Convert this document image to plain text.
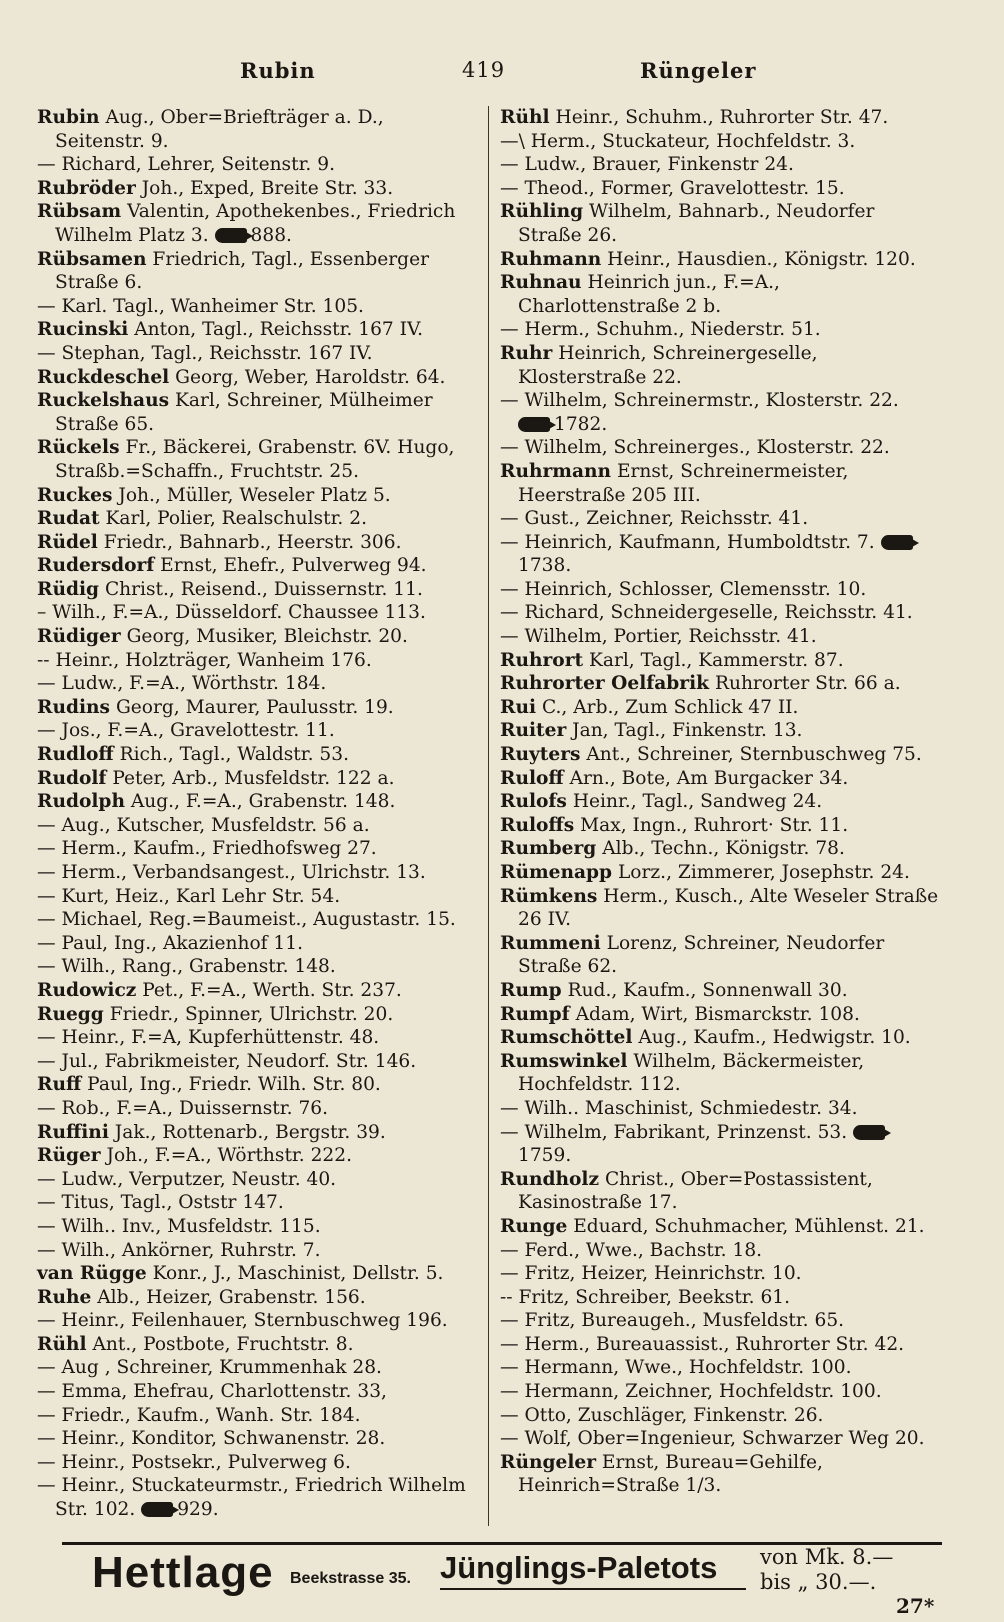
Rubin	419	Rüngeler

Rubin Aug., Ober=Briefträger a. D., Seitenstr. 9.

— Richard, Lehrer, Seitenstr. 9.

Rubröder Joh., Exped, Breite Str. 33.

Rübsam Valentin, Apothekenbes., Friedrich Wilhelm Platz 3. 888.

Rübsamen Friedrich, Tagl., Essenberger Straße 6.

— Karl. Tagl., Wanheimer Str. 105.

Rucinski Anton, Tagl., Reichsstr. 167 IV.

— Stephan, Tagl., Reichsstr. 167 IV.

Ruckdeschel Georg, Weber, Haroldstr. 64.

Ruckelshaus Karl, Schreiner, Mülheimer Straße 65.

Rückels Fr., Bäckerei, Grabenstr. 6V. Hugo, Straßb.=Schaffn., Fruchtstr. 25.

Ruckes Joh., Müller, Weseler Platz 5.

Rudat Karl, Polier, Realschulstr. 2.

Rüdel Friedr., Bahnarb., Heerstr. 306.

Rudersdorf Ernst, Ehefr., Pulverweg 94.

Rüdig Christ., Reisend., Duissernstr. 11.

– Wilh., F.=A., Düsseldorf. Chaussee 113.

Rüdiger Georg, Musiker, Bleichstr. 20.

-- Heinr., Holzträger, Wanheim 176.

— Ludw., F.=A., Wörthstr. 184.

Rudins Georg, Maurer, Paulusstr. 19.

— Jos., F.=A., Gravelottestr. 11.

Rudloff Rich., Tagl., Waldstr. 53.

Rudolf Peter, Arb., Musfeldstr. 122 a.

Rudolph Aug., F.=A., Grabenstr. 148.

— Aug., Kutscher, Musfeldstr. 56 a.

— Herm., Kaufm., Friedhofsweg 27.

— Herm., Verbandsangest., Ulrichstr. 13.

— Kurt, Heiz., Karl Lehr Str. 54.

— Michael, Reg.=Baumeist., Augustastr. 15.

— Paul, Ing., Akazienhof 11.

— Wilh., Rang., Grabenstr. 148.

Rudowicz Pet., F.=A., Werth. Str. 237.

Ruegg Friedr., Spinner, Ulrichstr. 20.

— Heinr., F.=A, Kupferhüttenstr. 48.

— Jul., Fabrikmeister, Neudorf. Str. 146.

Ruff Paul, Ing., Friedr. Wilh. Str. 80.

— Rob., F.=A., Duissernstr. 76.

Ruffini Jak., Rottenarb., Bergstr. 39.

Rüger Joh., F.=A., Wörthstr. 222.

— Ludw., Verputzer, Neustr. 40.

— Titus, Tagl., Oststr 147.

— Wilh.. Inv., Musfeldstr. 115.

— Wilh., Ankörner, Ruhrstr. 7.

van Rügge Konr., J., Maschinist, Dellstr. 5.

Ruhe Alb., Heizer, Grabenstr. 156.

— Heinr., Feilenhauer, Sternbuschweg 196.

Rühl Ant., Postbote, Fruchtstr. 8.

— Aug , Schreiner, Krummenhak 28.

— Emma, Ehefrau, Charlottenstr. 33,

— Friedr., Kaufm., Wanh. Str. 184.

— Heinr., Konditor, Schwanenstr. 28.

— Heinr., Postsekr., Pulverweg 6.

— Heinr., Stuckateurmstr., Friedrich Wilhelm Str. 102. 929.

Rühl Heinr., Schuhm., Ruhrorter Str. 47.

—\ Herm., Stuckateur, Hochfeldstr. 3.

— Ludw., Brauer, Finkenstr 24.

— Theod., Former, Gravelottestr. 15.

Rühling Wilhelm, Bahnarb., Neudorfer Straße 26.

Ruhmann Heinr., Hausdien., Königstr. 120.

Ruhnau Heinrich jun., F.=A., Charlottenstraße 2 b.

— Herm., Schuhm., Niederstr. 51.

Ruhr Heinrich, Schreinergeselle, Klosterstraße 22.

— Wilhelm, Schreinermstr., Klosterstr. 22. 1782.

— Wilhelm, Schreinerges., Klosterstr. 22.

Ruhrmann Ernst, Schreinermeister, Heerstraße 205 III.

— Gust., Zeichner, Reichsstr. 41.

— Heinrich, Kaufmann, Humboldtstr. 7. 1738.

— Heinrich, Schlosser, Clemensstr. 10.

— Richard, Schneidergeselle, Reichsstr. 41.

— Wilhelm, Portier, Reichsstr. 41.

Ruhrort Karl, Tagl., Kammerstr. 87.

Ruhrorter Oelfabrik Ruhrorter Str. 66 a.

Rui C., Arb., Zum Schlick 47 II.

Ruiter Jan, Tagl., Finkenstr. 13.

Ruyters Ant., Schreiner, Sternbuschweg 75.

Ruloff Arn., Bote, Am Burgacker 34.

Rulofs Heinr., Tagl., Sandweg 24.

Ruloffs Max, Ingn., Ruhrort· Str. 11.

Rumberg Alb., Techn., Königstr. 78.

Rümenapp Lorz., Zimmerer, Josephstr. 24.

Rümkens Herm., Kusch., Alte Weseler Straße 26 IV.

Rummeni Lorenz, Schreiner, Neudorfer Straße 62.

Rump Rud., Kaufm., Sonnenwall 30.

Rumpf Adam, Wirt, Bismarckstr. 108.

Rumschöttel Aug., Kaufm., Hedwigstr. 10.

Rumswinkel Wilhelm, Bäckermeister, Hochfeldstr. 112.

— Wilh.. Maschinist, Schmiedestr. 34.

— Wilhelm, Fabrikant, Prinzenst. 53. 1759.

Rundholz Christ., Ober=Postassistent, Kasinostraße 17.

Runge Eduard, Schuhmacher, Mühlenst. 21.

— Ferd., Wwe., Bachstr. 18.

— Fritz, Heizer, Heinrichstr. 10.

-- Fritz, Schreiber, Beekstr. 61.

— Fritz, Bureaugeh., Musfeldstr. 65.

— Herm., Bureauassist., Ruhrorter Str. 42.

— Hermann, Wwe., Hochfeldstr. 100.

— Hermann, Zeichner, Hochfeldstr. 100.

— Otto, Zuschläger, Finkenstr. 26.

— Wolf, Ober=Ingenieur, Schwarzer Weg 20.

Rüngeler Ernst, Bureau=Gehilfe, Heinrich=Straße 1/3.

Hettlage Beekstrasse 35. Jünglings-Paletots von Mk. 8.—
bis „ 30.—.
27*
